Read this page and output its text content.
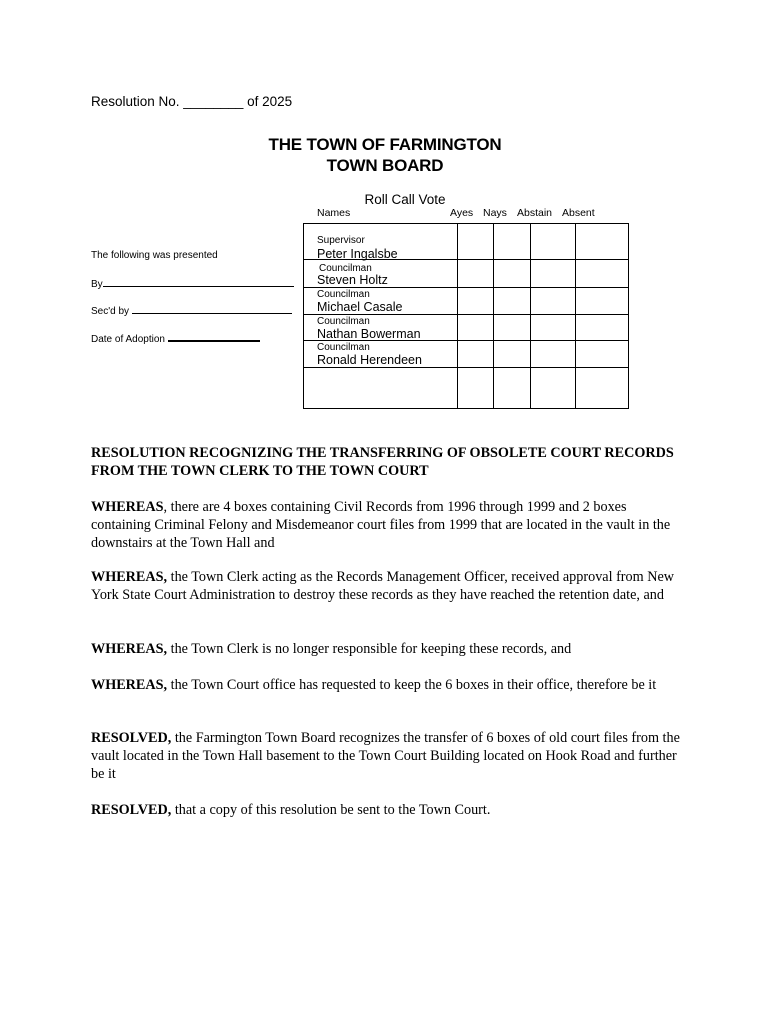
Resolution No. ________ of 2025
THE TOWN OF FARMINGTON
TOWN BOARD
Roll Call Vote
Names	Ayes Nays Abstain Absent
Supervisor
Peter Ingalsbe
Councilman
Steven Holtz
Councilman
Michael Casale
Councilman
Nathan Bowerman
Councilman
Ronald Herendeen
The following was presented
By
Sec'd by
Date of Adoption
RESOLUTION RECOGNIZING THE TRANSFERRING OF OBSOLETE COURT RECORDS FROM THE TOWN CLERK TO THE TOWN COURT
WHEREAS, there are 4 boxes containing Civil Records from 1996 through 1999 and 2 boxes containing Criminal Felony and Misdemeanor court files from 1999 that are located in the vault in the downstairs at the Town Hall and
WHEREAS, the Town Clerk acting as the Records Management Officer, received approval from New York State Court Administration to destroy these records as they have reached the retention date, and
WHEREAS, the Town Clerk is no longer responsible for keeping these records, and
WHEREAS, the Town Court office has requested to keep the 6 boxes in their office, therefore be it
RESOLVED, the Farmington Town Board recognizes the transfer of 6 boxes of old court files from the vault located in the Town Hall basement to the Town Court Building located on Hook Road and further be it
RESOLVED, that a copy of this resolution be sent to the Town Court.
